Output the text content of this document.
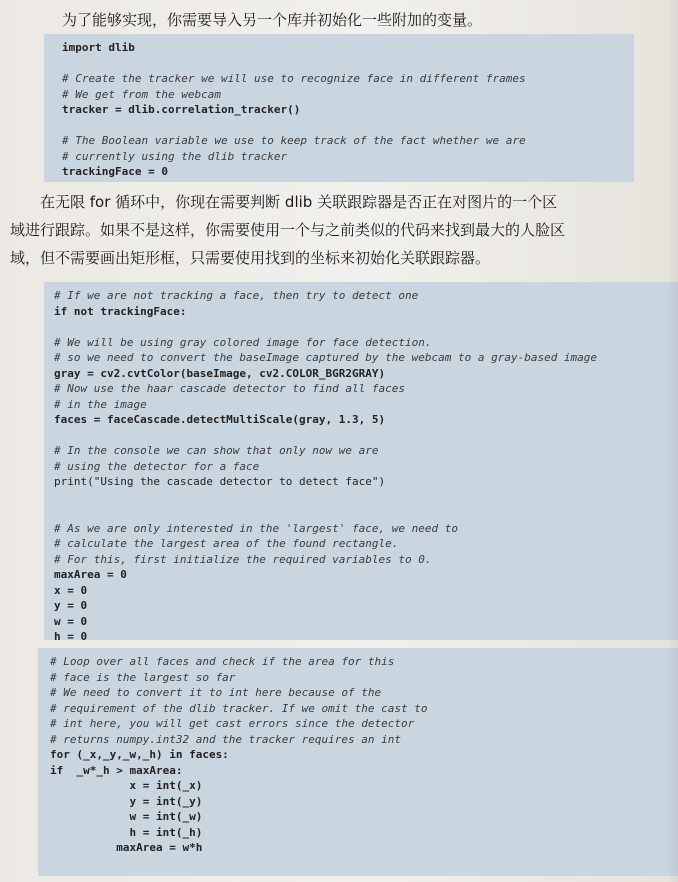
为了能够实现，你需要导入另一个库并初始化一些附加的变量。

import dlib
# Create the tracker we will use to recognize face in different frames
# We get from the webcam
tracker = dlib.correlation_tracker()
# The Boolean variable we use to keep track of the fact whether we are
# currently using the dlib tracker
trackingFace = 0

在无限 for 循环中，你现在需要判断 dlib 关联跟踪器是否正在对图片的一个区
域进行跟踪。如果不是这样，你需要使用一个与之前类似的代码来找到最大的人脸区
域，但不需要画出矩形框，只需要使用找到的坐标来初始化关联跟踪器。

# If we are not tracking a face, then try to detect one
if not trackingFace:
# We will be using gray colored image for face detection.
# so we need to convert the baseImage captured by the webcam to a gray-based image
gray = cv2.cvtColor(baseImage, cv2.COLOR_BGR2GRAY)
# Now use the haar cascade detector to find all faces
# in the image
faces = faceCascade.detectMultiScale(gray, 1.3, 5)
# In the console we can show that only now we are
# using the detector for a face
print("Using the cascade detector to detect face")
# As we are only interested in the 'largest' face, we need to
# calculate the largest area of the found rectangle.
# For this, first initialize the required variables to 0.
maxArea = 0
x = 0
y = 0
w = 0
h = 0
# Loop over all faces and check if the area for this
# face is the largest so far
# We need to convert it to int here because of the
# requirement of the dlib tracker. If we omit the cast to
# int here, you will get cast errors since the detector
# returns numpy.int32 and the tracker requires an int
for (_x,_y,_w,_h) in faces:
if  _w*_h > maxArea:
x = int(_x)
y = int(_y)
w = int(_w)
h = int(_h)
maxArea = w*h
